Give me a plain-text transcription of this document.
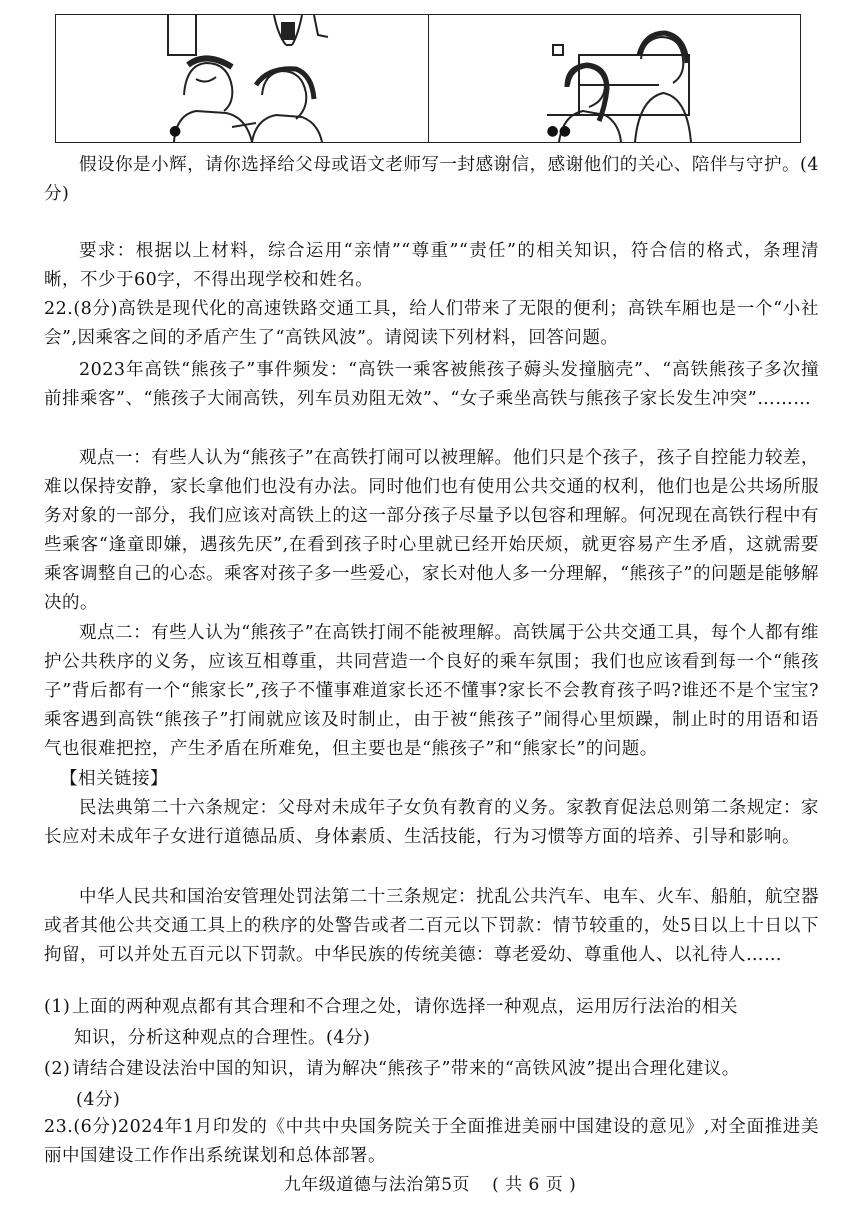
●	●●
假设你是小辉，请你选择给父母或语文老师写一封感谢信，感谢他们的关心、陪伴与守护。(4分)
要求：根据以上材料，综合运用“亲情”“尊重”“责任”的相关知识，符合信的格式，条理清晰，不少于60字，不得出现学校和姓名。
22.(8分)高铁是现代化的高速铁路交通工具，给人们带来了无限的便利；高铁车厢也是一个“小社会”,因乘客之间的矛盾产生了“高铁风波”。请阅读下列材料，回答问题。
2023年高铁“熊孩子”事件频发：“高铁一乘客被熊孩子薅头发撞脑壳”、“高铁熊孩子多次撞前排乘客”、“熊孩子大闹高铁，列车员劝阻无效”、“女子乘坐高铁与熊孩子家长发生冲突”………
观点一：有些人认为“熊孩子”在高铁打闹可以被理解。他们只是个孩子，孩子自控能力较差，难以保持安静，家长拿他们也没有办法。同时他们也有使用公共交通的权利，他们也是公共场所服务对象的一部分，我们应该对高铁上的这一部分孩子尽量予以包容和理解。何况现在高铁行程中有些乘客“逢童即嫌，遇孩先厌”,在看到孩子时心里就已经开始厌烦，就更容易产生矛盾，这就需要乘客调整自己的心态。乘客对孩子多一些爱心，家长对他人多一分理解，“熊孩子”的问题是能够解决的。
观点二：有些人认为“熊孩子”在高铁打闹不能被理解。高铁属于公共交通工具，每个人都有维护公共秩序的义务，应该互相尊重，共同营造一个良好的乘车氛围；我们也应该看到每一个“熊孩子”背后都有一个“熊家长”,孩子不懂事难道家长还不懂事?家长不会教育孩子吗?谁还不是个宝宝?乘客遇到高铁“熊孩子”打闹就应该及时制止，由于被“熊孩子”闹得心里烦躁，制止时的用语和语气也很难把控，产生矛盾在所难免，但主要也是“熊孩子”和“熊家长”的问题。
【相关链接】
民法典第二十六条规定：父母对未成年子女负有教育的义务。家教育促法总则第二条规定：家长应对未成年子女进行道德品质、身体素质、生活技能，行为习惯等方面的培养、引导和影响。
中华人民共和国治安管理处罚法第二十三条规定：扰乱公共汽车、电车、火车、船舶，航空器或者其他公共交通工具上的秩序的处警告或者二百元以下罚款：情节较重的，处5日以上十日以下拘留，可以并处五百元以下罚款。中华民族的传统美德：尊老爱幼、尊重他人、以礼待人……
(1)上面的两种观点都有其合理和不合理之处，请你选择一种观点，运用厉行法治的相关
知识，分析这种观点的合理性。(4分)
(2)请结合建设法治中国的知识，请为解决“熊孩子”带来的“高铁风波”提出合理化建议。
(4分)
23.(6分)2024年1月印发的《中共中央国务院关于全面推进美丽中国建设的意见》,对全面推进美丽中国建设工作作出系统谋划和总体部署。
九年级道德与法治第5页 ( 共 6 页 )
